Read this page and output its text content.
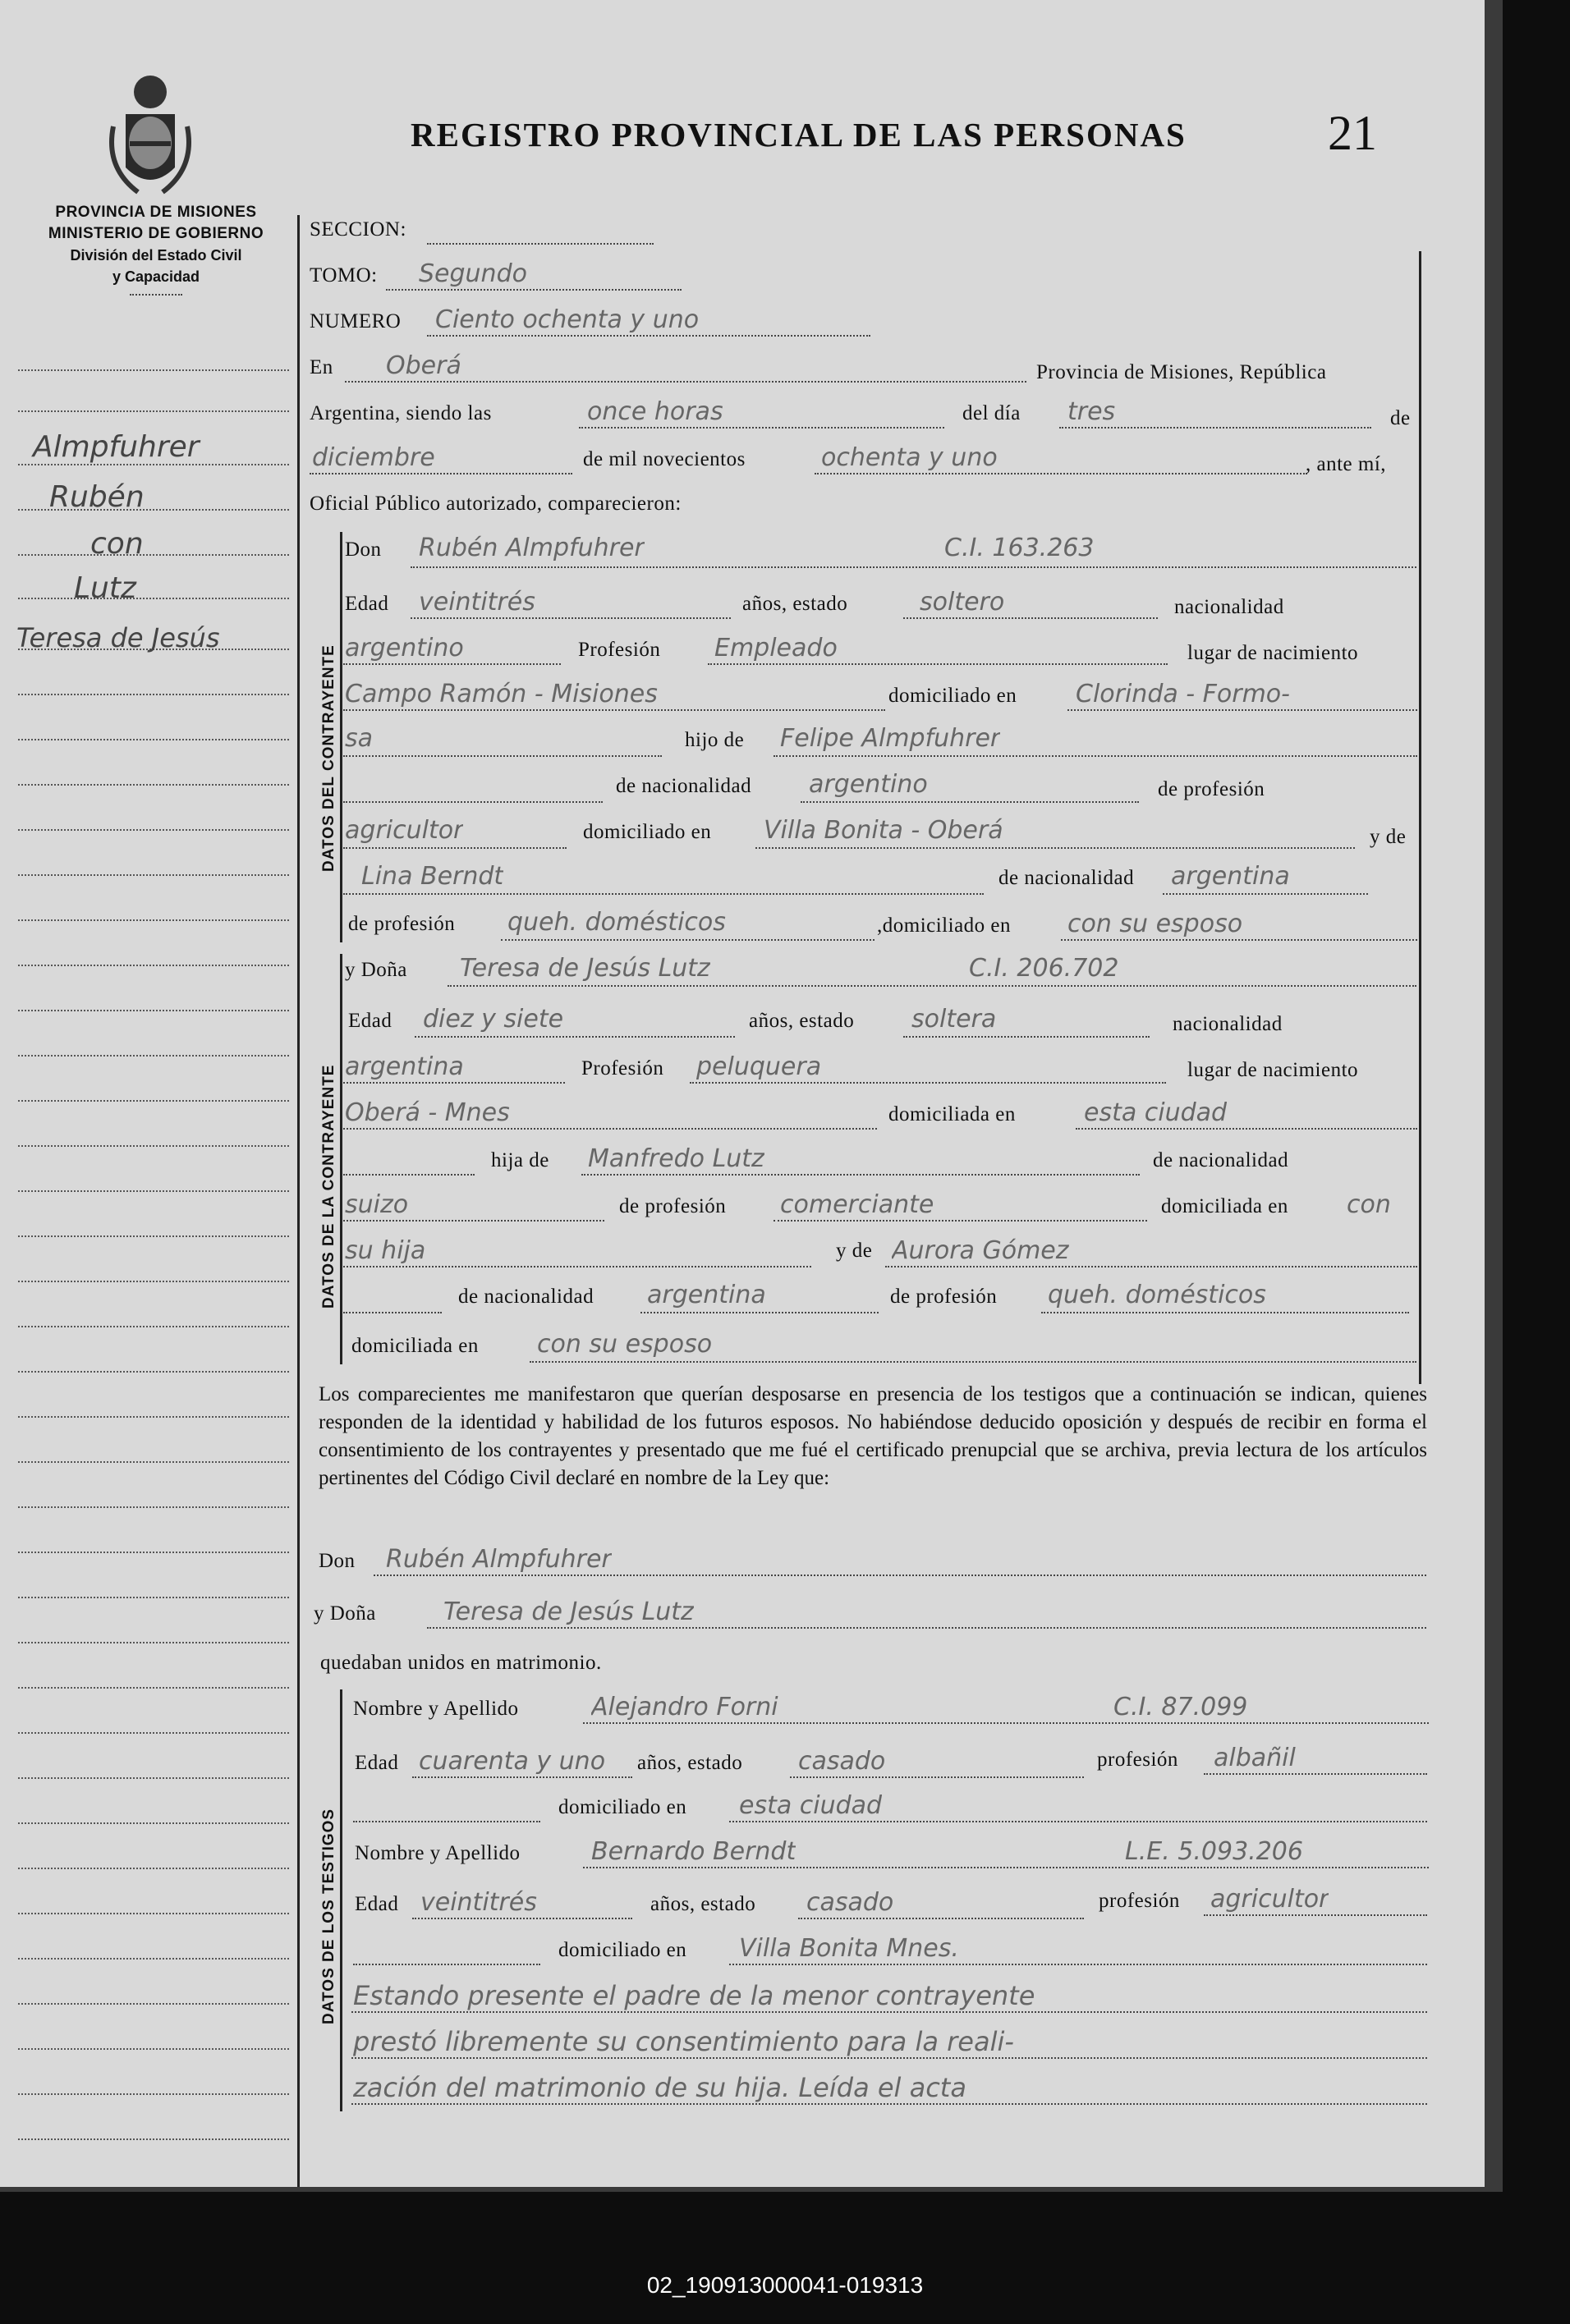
PROVINCIA DE MISIONES
MINISTERIO DE GOBIERNO
División del Estado Civil
y Capacidad
REGISTRO PROVINCIAL DE LAS PERSONAS	21
Almpfuhrer
Rubén
con
Lutz
Teresa de Jesús
SECCION:
TOMO: Segundo
NUMERO Ciento ochenta y uno
En Oberá	Provincia de Misiones, República
Argentina, siendo las	once horas	del día tres	de
diciembre	de mil novecientos	ochenta y uno	, ante mí,
Oficial Público autorizado, comparecieron:
DATOS DEL CONTRAYENTE
Don Rubén Almpfuhrer	C.I. 163.263
Edad veintitrés	años, estado	soltero	nacionalidad
argentino	Profesión Empleado	lugar de nacimiento
Campo Ramón - Misiones	domiciliado en Clorinda - Formo-
sa	hijo de Felipe Almpfuhrer
de nacionalidad argentino	de profesión
agricultor	domiciliado en Villa Bonita - Oberá	y de
Lina Berndt	de nacionalidad argentina
de profesión queh. domésticos	,domiciliado en con su esposo
DATOS DE LA CONTRAYENTE
y Doña Teresa de Jesús Lutz	C.I. 206.702
Edad diez y siete	años, estado soltera	nacionalidad
argentina	Profesión peluquera	lugar de nacimiento
Oberá - Mnes	domiciliada en	esta ciudad
hija de Manfredo Lutz	de nacionalidad
suizo	de profesión comerciante	domiciliada en con
su hija	y de Aurora Gómez
de nacionalidad argentina	de profesión queh. domésticos
domiciliada en con su esposo
Los comparecientes me manifestaron que querían desposarse en presencia de los testigos que a continuación se indican, quienes responden de la identidad y habilidad de los futuros esposos. No habiéndose deducido oposición y después de recibir en forma el consentimiento de los contrayentes y presentado que me fué el certificado prenupcial que se archiva, previa lectura de los artículos pertinentes del Código Civil declaré en nombre de la Ley que:
Don Rubén Almpfuhrer
y Doña	Teresa de Jesús Lutz
quedaban unidos en matrimonio.
DATOS DE LOS TESTIGOS
Nombre y Apellido	Alejandro Forni	C.I. 87.099
Edad cuarenta y uno años, estado casado	profesión albañil
domiciliado en esta ciudad
Nombre y Apellido	Bernardo Berndt	L.E. 5.093.206
Edad veintitrés	años, estado casado	profesión agricultor
domiciliado en Villa Bonita Mnes.
Estando presente el padre de la menor contrayente
prestó libremente su consentimiento para la reali-
zación del matrimonio de su hija. Leída el acta
02_190913000041-019313
